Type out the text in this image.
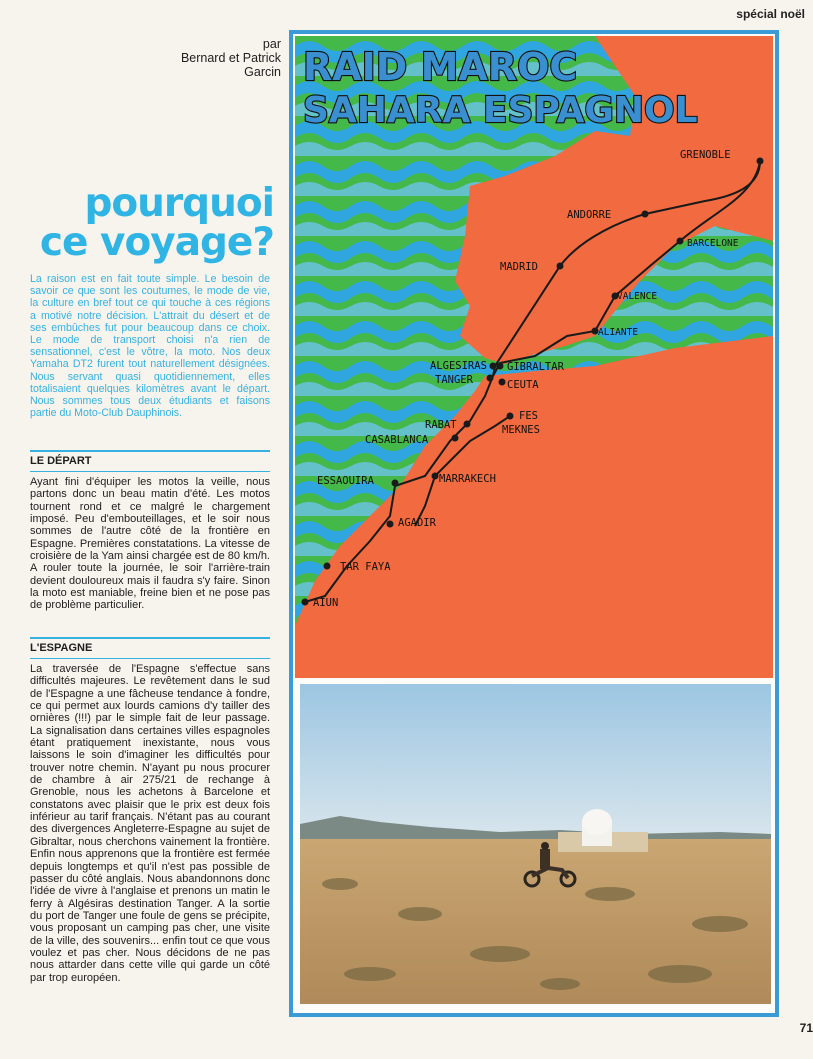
spécial noël
par
Bernard et Patrick
Garcin
pourquoi
ce voyage?
La raison est en fait toute simple. Le besoin de savoir ce que sont les coutumes, le mode de vie, la culture en bref tout ce qui touche à ces régions a motivé notre décision. L'attrait du désert et de ses embûches fut pour beaucoup dans ce choix. Le mode de transport choisi n'a rien de sensationnel, c'est le vôtre, la moto. Nos deux Yamaha DT2 furent tout naturellement désignées. Nous servant quasi quotidiennement, elles totalisaient quelques kilomètres avant le départ. Nous sommes tous deux étudiants et faisons partie du Moto-Club Dauphinois.
LE DÉPART
Ayant fini d'équiper les motos la veille, nous partons donc un beau matin d'été. Les motos tournent rond et ce malgré le chargement imposé. Peu d'embouteillages, et le soir nous sommes de l'autre côté de la frontière en Espagne. Premières constatations. La vitesse de croisière de la Yam ainsi chargée est de 80 km/h. A rouler toute la journée, le soir l'arrière-train devient douloureux mais il faudra s'y faire. Sinon la moto est maniable, freine bien et ne pose pas de problème particulier.
L'ESPAGNE
La traversée de l'Espagne s'effectue sans difficultés majeures. Le revêtement dans le sud de l'Espagne a une fâcheuse tendance à fondre, ce qui permet aux lourds camions d'y tailler des ornières (!!!) par le simple fait de leur passage. La signalisation dans certaines villes espagnoles étant pratiquement inexistante, nous vous laissons le soin d'imaginer les difficultés pour trouver notre chemin. N'ayant pu nous procurer de chambre à air 275/21 de rechange à Grenoble, nous les achetons à Barcelone et constatons avec plaisir que le prix est deux fois inférieur au tarif français. N'étant pas au courant des divergences Angleterre-Espagne au sujet de Gibraltar, nous cherchons vainement la frontière. Enfin nous apprenons que la frontière est fermée depuis longtemps et qu'il n'est pas possible de passer du côté anglais. Nous abandonnons donc l'idée de vivre à l'anglaise et prenons un matin le ferry à Algésiras destination Tanger. A la sortie du port de Tanger une foule de gens se précipite, vous proposant un camping pas cher, une visite de la ville, des souvenirs... enfin tout ce que vous voulez et pas cher. Nous décidons de ne pas nous attarder dans cette ville qui garde un côté par trop européen.
RAID MAROC
SAHARA ESPAGNOL
GRENOBLE
ANDORRE
BARCELONE
MADRID
VALENCE
ALIANTE
ALGESIRAS GIBRALTAR
TANGER	CEUTA
FES
MEKNES
RABAT
CASABLANCA
ESSAOUIRA	MARRAKECH
AGADIR
TAR FAYA
AIUN
71
